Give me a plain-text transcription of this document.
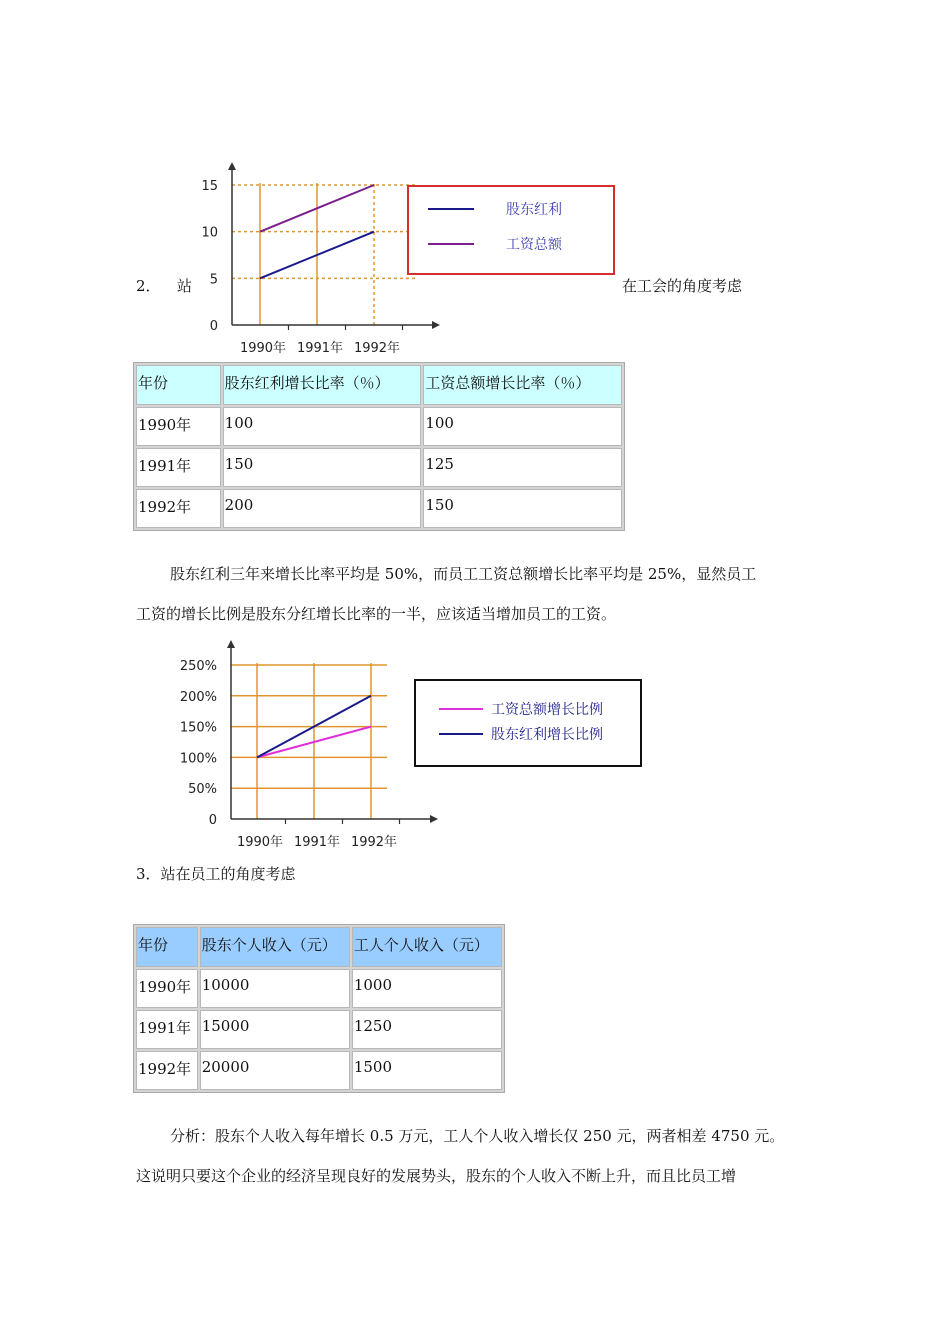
2． 站	在工会的角度考虑
5
10
15
1990年 1991年 1992年
0
股东红利
工资总额
年份	股东红利增长比率（％）	工资总额增长比率（％）
1990年	100	100
1991年	150	125
1992年	200	150
股东红利三年来增长比率平均是 50%，而员工工资总额增长比率平均是 25%，显然员工
工资的增长比例是股东分红增长比率的一半，应该适当增加员工的工资。
50%
100%
150%
200%
250%
1990年 1991年 1992年
0
工资总额增长比例
股东红利增长比例
3．站在员工的角度考虑
年份	股东个人收入（元）	工人个人收入（元）
1990年	10000	1000
1991年	15000	1250
1992年	20000	1500
分析：股东个人收入每年增长 0.5 万元，工人个人收入增长仅 250 元，两者相差 4750 元。
这说明只要这个企业的经济呈现良好的发展势头，股东的个人收入不断上升，而且比员工增
